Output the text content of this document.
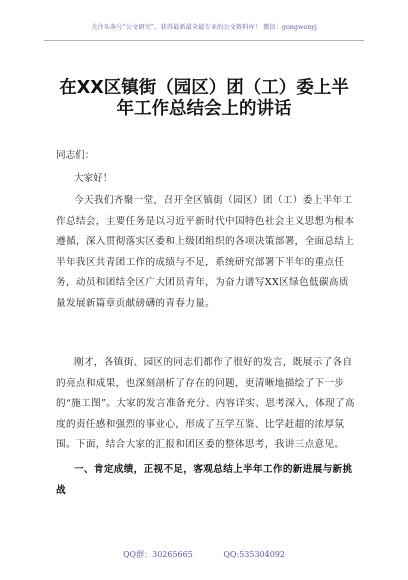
关注头条号“公文研究”，获得最新最全最专业的公文资料库！ 微信：gongwenyj
在XX区镇街（园区）团（工）委上半
年工作总结会上的讲话
同志们：
大家好！
今天我们齐聚一堂，召开全区镇街（园区）团（工）委上半年工作总结会，主要任务是以习近平新时代中国特色社会主义思想为根本遵循，深入贯彻落实区委和上级团组织的各项决策部署，全面总结上半年我区共青团工作的成绩与不足，系统研究部署下半年的重点任务，动员和团结全区广大团员青年，为奋力谱写XX区绿色低碳高质量发展新篇章贡献磅礴的青春力量。
刚才，各镇街、园区的同志们都作了很好的发言，既展示了各自的亮点和成果，也深刻剖析了存在的问题，更清晰地描绘了下一步的“施工图”。大家的发言准备充分、内容详实、思考深入，体现了高度的责任感和强烈的事业心，形成了互学互鉴、比学赶超的浓厚氛围。下面，结合大家的汇报和团区委的整体思考，我讲三点意见。
一、肯定成绩，正视不足，客观总结上半年工作的新进展与新挑战
QQ群：30265665	QQ:535304092
